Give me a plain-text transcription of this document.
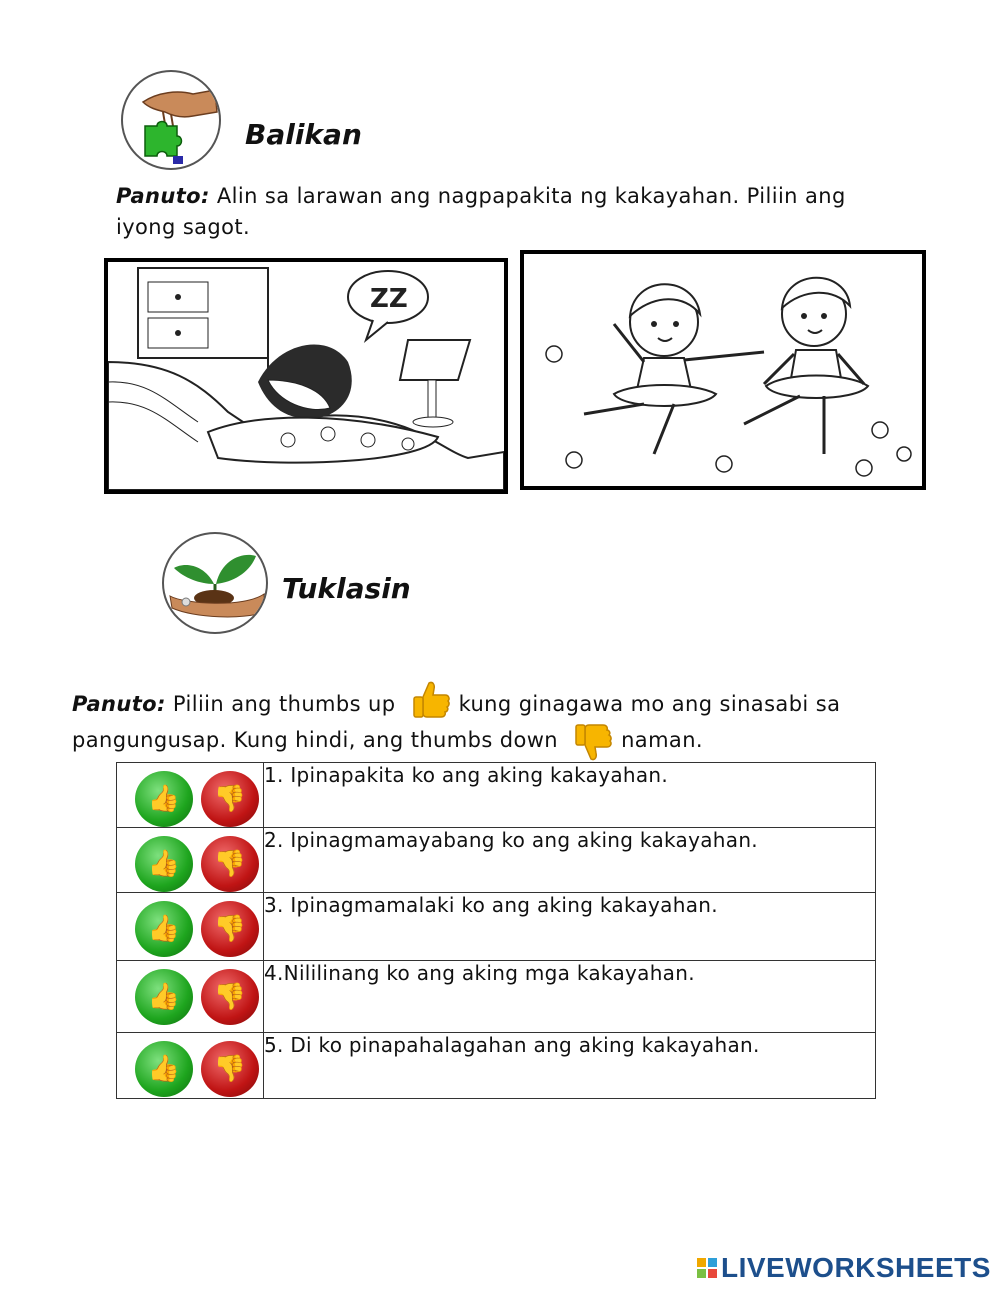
Balikan
Panuto: Alin sa larawan ang nagpapakita ng kakayahan. Piliin ang iyong sagot.
ZZ
Tuklasin
Panuto: Piliin ang thumbs up	kung ginagawa mo ang sinasabi sa pangungusap. Kung hindi, ang thumbs down	naman.
👍 👎	1. Ipinapakita ko ang aking kakayahan.

👍 👎	2. Ipinagmamayabang ko ang aking kakayahan.

👍 👎	3. Ipinagmamalaki ko ang aking kakayahan.

👍 👎	4.Nililinang ko ang aking mga kakayahan.

👍 👎	5. Di ko pinapahalagahan ang aking kakayahan.
LIVEWORKSHEETS
